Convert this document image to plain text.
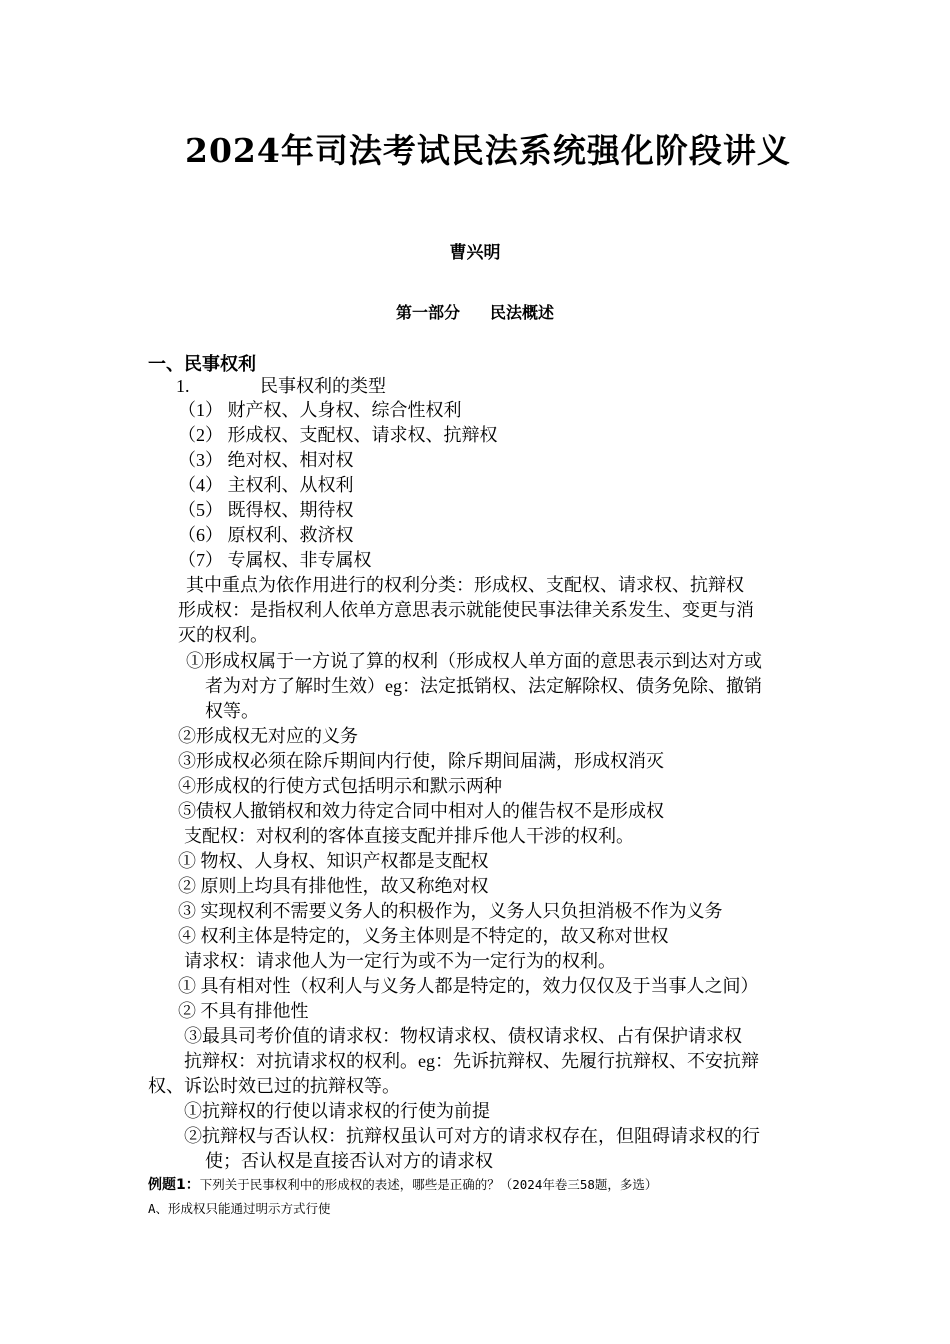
2024年司法考试民法系统强化阶段讲义
曹兴明
第一部分 民法概述
一、民事权利
1.	民事权利的类型
（1） 财产权、人身权、综合性权利
（2） 形成权、支配权、请求权、抗辩权
（3） 绝对权、相对权
（4） 主权利、从权利
（5） 既得权、期待权
（6） 原权利、救济权
（7） 专属权、非专属权
其中重点为依作用进行的权利分类：形成权、支配权、请求权、抗辩权
形成权：是指权利人依单方意思表示就能使民事法律关系发生、变更与消
灭的权利。
①形成权属于一方说了算的权利（形成权人单方面的意思表示到达对方或
者为对方了解时生效）eg：法定抵销权、法定解除权、债务免除、撤销
权等。
②形成权无对应的义务
③形成权必须在除斥期间内行使，除斥期间届满，形成权消灭
④形成权的行使方式包括明示和默示两种
⑤债权人撤销权和效力待定合同中相对人的催告权不是形成权
支配权：对权利的客体直接支配并排斥他人干涉的权利。
① 物权、人身权、知识产权都是支配权
② 原则上均具有排他性，故又称绝对权
③ 实现权利不需要义务人的积极作为，义务人只负担消极不作为义务
④ 权利主体是特定的，义务主体则是不特定的，故又称对世权
请求权：请求他人为一定行为或不为一定行为的权利。
① 具有相对性（权利人与义务人都是特定的，效力仅仅及于当事人之间）
② 不具有排他性
③最具司考价值的请求权：物权请求权、债权请求权、占有保护请求权
抗辩权：对抗请求权的权利。eg：先诉抗辩权、先履行抗辩权、不安抗辩
权、诉讼时效已过的抗辩权等。
①抗辩权的行使以请求权的行使为前提
②抗辩权与否认权：抗辩权虽认可对方的请求权存在，但阻碍请求权的行
使；否认权是直接否认对方的请求权
例题1：下列关于民事权利中的形成权的表述，哪些是正确的？（2024年卷三58题，多选）
A、形成权只能通过明示方式行使
